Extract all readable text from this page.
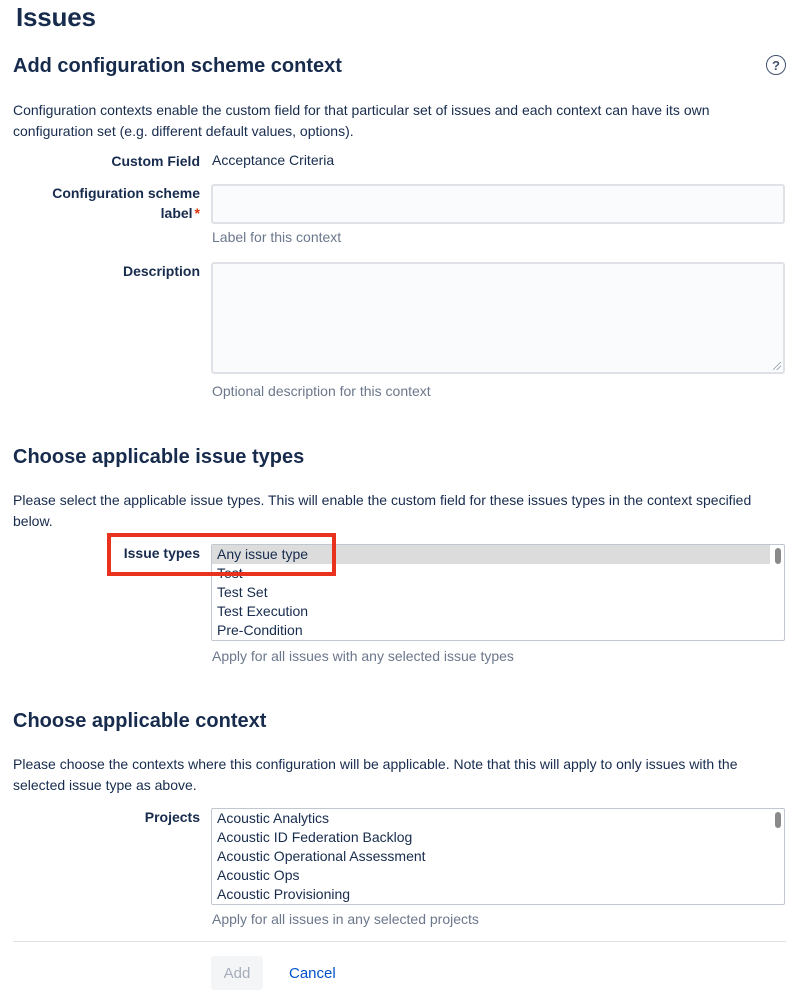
Issues
Add configuration scheme context	?
Configuration contexts enable the custom field for that particular set of issues and each context can have its own configuration set (e.g. different default values, options).
Custom Field Acceptance Criteria
Configuration scheme
label *
Label for this context
Description
Optional description for this context
Choose applicable issue types
Please select the applicable issue types. This will enable the custom field for these issues types in the context specified below.
Issue types	Any issue type
Test
Test Set
Test Execution
Pre-Condition
Apply for all issues with any selected issue types
Choose applicable context
Please choose the contexts where this configuration will be applicable. Note that this will apply to only issues with the selected issue type as above.
Projects	Acoustic Analytics
Acoustic ID Federation Backlog
Acoustic Operational Assessment
Acoustic Ops
Acoustic Provisioning
Apply for all issues in any selected projects
Add	Cancel
